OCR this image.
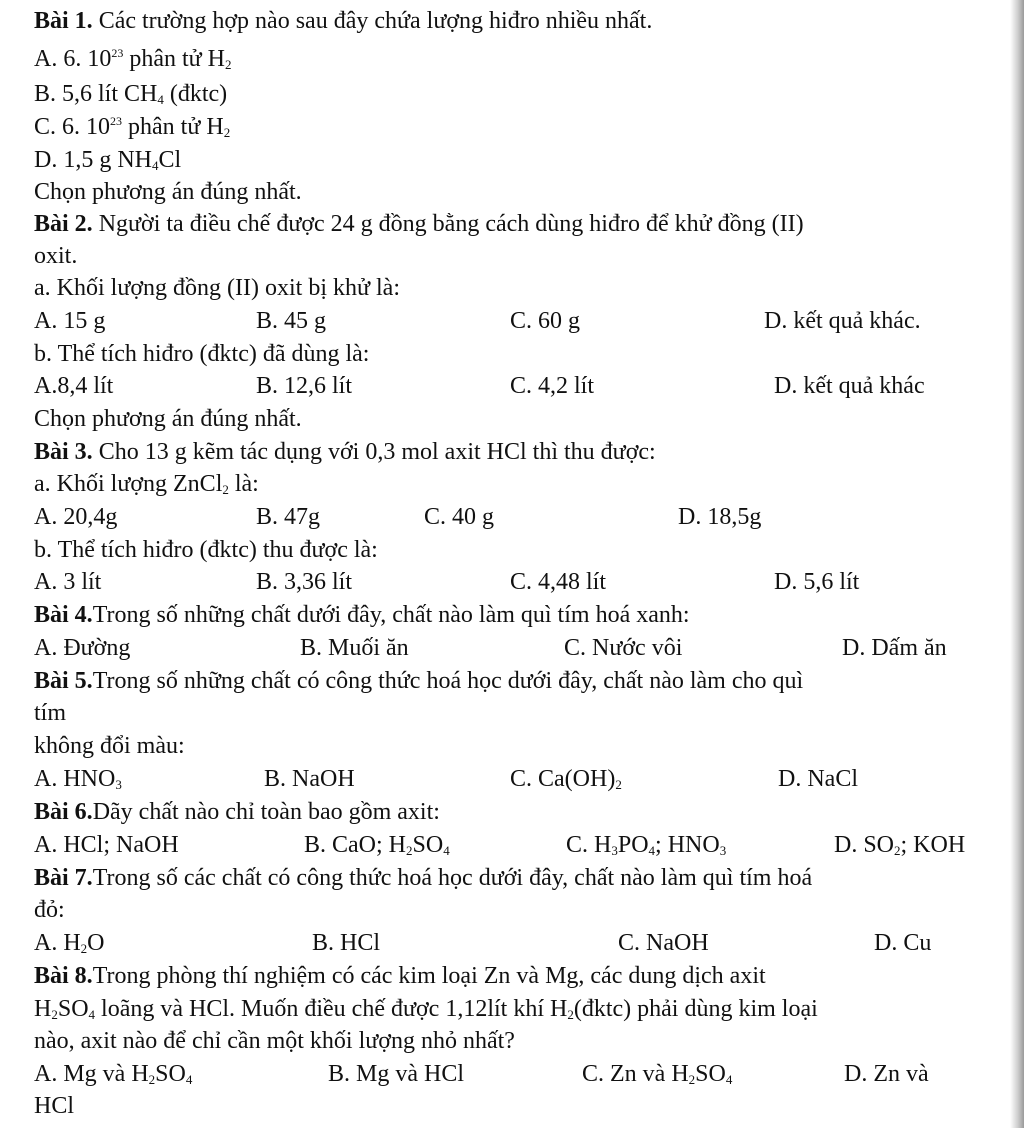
Bài 1. Các trường hợp nào sau đây chứa lượng hiđro nhiều nhất.
A. 6. $10^{23}$ phân tử $H_2$
B. 5,6 lít $CH_4$ (đktc)
C. 6. $10^{23}$ phân tử $H_2$
D. 1,5 g $NH_4Cl$
Chọn phương án đúng nhất.
Bài 2. Người ta điều chế được 24 g đồng bằng cách dùng hiđro để khử đồng (II)
oxit.
a. Khối lượng đồng (II) oxit bị khử là:
A. 15 g	B. 45 g	C. 60 g	D. kết quả khác.
b. Thể tích hiđro (đktc) đã dùng là:
A.8,4 lít	B. 12,6 lít	C. 4,2 lít	D. kết quả khác
Chọn phương án đúng nhất.
Bài 3. Cho 13 g kẽm tác dụng với 0,3 mol axit HCl thì thu được:
a. Khối lượng ZnCl$_2$ là:
A. 20,4g	B. 47g	C. 40 g	D. 18,5g
b. Thể tích hiđro (đktc) thu được là:
A. 3 lít	B. 3,36 lít	C. 4,48 lít	D. 5,6 lít
Bài 4.Trong số những chất dưới đây, chất nào làm quì tím hoá xanh:
A. Đường	B. Muối ăn	C. Nước vôi	D. Dấm ăn
Bài 5.Trong số những chất có công thức hoá học dưới đây, chất nào làm cho quì
tím
không đổi màu:
A. $HNO_3$	B. NaOH	C. $Ca(OH)_2$	D. NaCl
Bài 6.Dãy chất nào chỉ toàn bao gồm axit:
A. HCl; NaOH	B. CaO; $H_2SO_4$	C. $H_3PO_4$; $HNO_3$	D. $SO_2$; KOH
Bài 7.Trong số các chất có công thức hoá học dưới đây, chất nào làm quì tím hoá
đỏ:
A. $H_2O$	B. HCl	C. NaOH	D. Cu
Bài 8.Trong phòng thí nghiệm có các kim loại Zn và Mg, các dung dịch axit
$H_2SO_4$ loãng và HCl. Muốn điều chế được 1,12lít khí $H_2(đktc)$ phải dùng kim loại
nào, axit nào để chỉ cần một khối lượng nhỏ nhất?
A. Mg và $H_2SO_4$	B. Mg và HCl	C. Zn và $H_2SO_4$	D. Zn và
HCl
